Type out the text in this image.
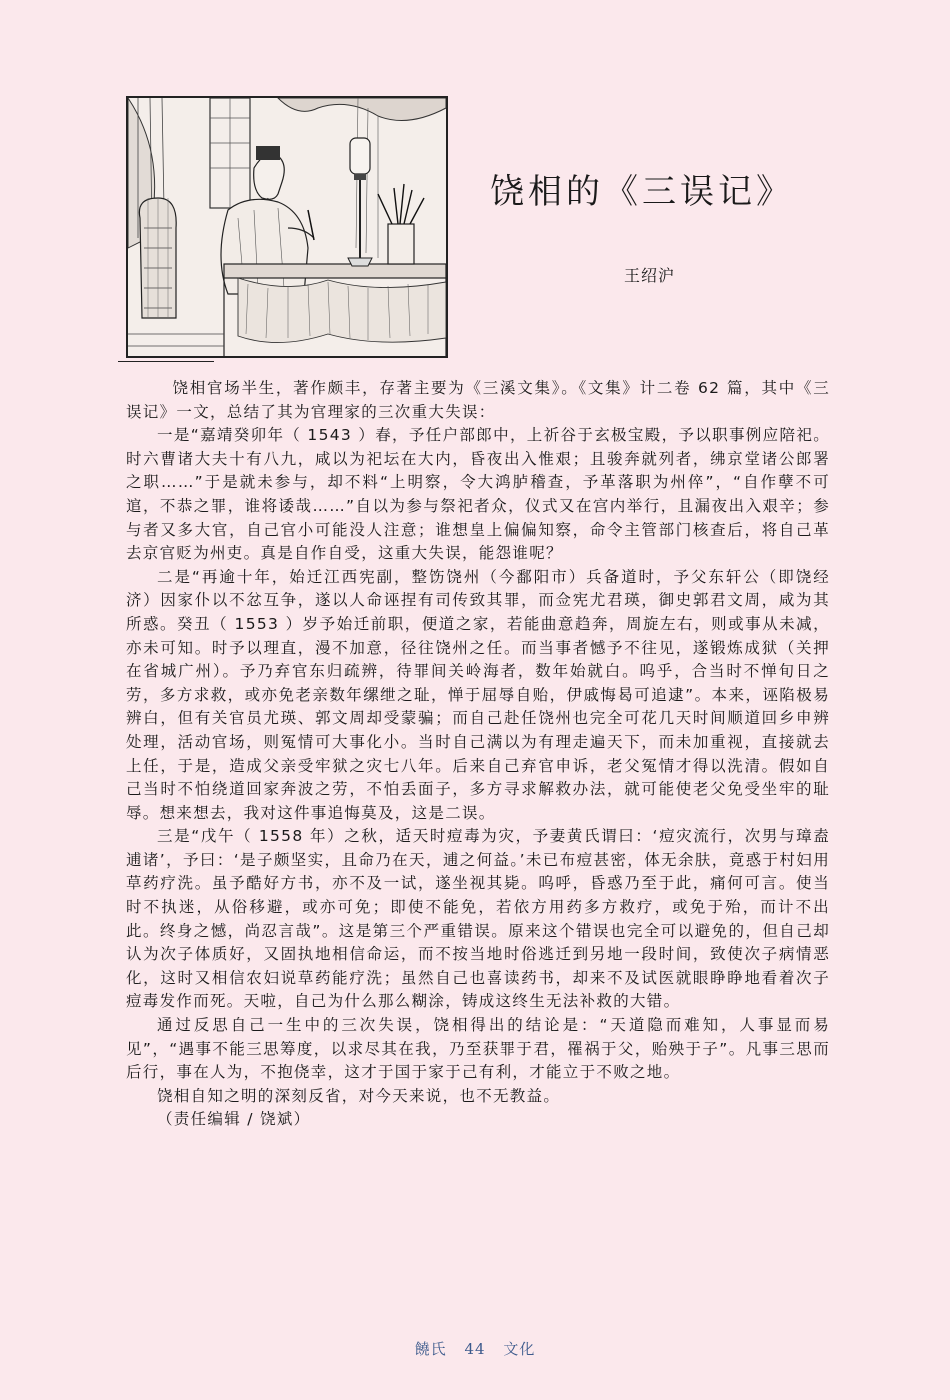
饶相的《三误记》
王绍沪

饶相官场半生，著作颇丰，存著主要为《三溪文集》。《文集》计二卷 62 篇，其中《三误记》一文，总结了其为官理家的三次重大失误：

一是“嘉靖癸卯年（ 1543 ）春，予任户部郎中，上祈谷于玄极宝殿，予以职事例应陪祀。时六曹诸大夫十有八九，咸以为祀坛在大内，昏夜出入惟艰；且骏奔就列者，绋京堂诸公郎署之职……”于是就未参与，却不料“上明察，令大鸿胪稽查，予革落职为州倅”，“自作孽不可逭，不恭之罪，谁将诿哉……”自以为参与祭祀者众，仪式又在宫内举行，且漏夜出入艰辛；参与者又多大官，自己官小可能没人注意；谁想皇上偏偏知察，命令主管部门核查后，将自己革去京官贬为州吏。真是自作自受，这重大失误，能怨谁呢？

二是“再逾十年，始迁江西宪副，整饬饶州（今鄱阳市）兵备道时，予父东轩公（即饶经济）因家仆以不忿互争，遂以人命诬捏有司传致其罪，而佥宪尤君瑛，御史郭君文周，咸为其所惑。癸丑（ 1553 ）岁予始迁前职，便道之家，若能曲意趋奔，周旋左右，则或事从未减，亦未可知。时予以理直，漫不加意，径往饶州之任。而当事者憾予不往见，遂锻炼成狱（关押在省城广州）。予乃弃官东归疏辨，待罪间关岭海者，数年始就白。呜乎，合当时不惮旬日之劳，多方求救，或亦免老亲数年缧绁之耻，惮于屈辱自贻，伊戚悔曷可追逮”。本来，诬陷极易辨白，但有关官员尤瑛、郭文周却受蒙骗；而自己赴任饶州也完全可花几天时间顺道回乡申辨处理，活动官场，则冤情可大事化小。当时自己满以为有理走遍天下，而未加重视，直接就去上任，于是，造成父亲受牢狱之灾七八年。后来自己弃官申诉，老父冤情才得以洗清。假如自己当时不怕绕道回家奔波之劳，不怕丢面子，多方寻求解救办法，就可能使老父免受坐牢的耻辱。想来想去，我对这件事追悔莫及，这是二误。

三是“戊午（ 1558 年）之秋，适天时痘毒为灾，予妻黄氏谓曰：‘痘灾流行，次男与璋盍逋诸’，予曰：‘是子颇坚实，且命乃在天，逋之何益。’未已布痘甚密，体无余肤，竟惑于村妇用草药疗洗。虽予酷好方书，亦不及一试，遂坐视其毙。呜呼，昏惑乃至于此，痛何可言。使当时不执迷，从俗移避，或亦可免；即使不能免，若依方用药多方救疗，或免于殆，而计不出此。终身之憾，尚忍言哉”。这是第三个严重错误。原来这个错误也完全可以避免的，但自己却认为次子体质好，又固执地相信命运，而不按当地时俗逃迁到另地一段时间，致使次子病情恶化，这时又相信农妇说草药能疗洗；虽然自己也喜读药书，却来不及试医就眼睁睁地看着次子痘毒发作而死。天啦，自己为什么那么糊涂，铸成这终生无法补救的大错。

通过反思自己一生中的三次失误，饶相得出的结论是：“天道隐而难知，人事显而易见”，“遇事不能三思筹度，以求尽其在我，乃至获罪于君，罹祸于父，贻殃于子”。凡事三思而后行，事在人为，不抱侥幸，这才于国于家于己有利，才能立于不败之地。

饶相自知之明的深刻反省，对今天来说，也不无教益。

（责任编辑 / 饶斌）

饒氏 44 文化
